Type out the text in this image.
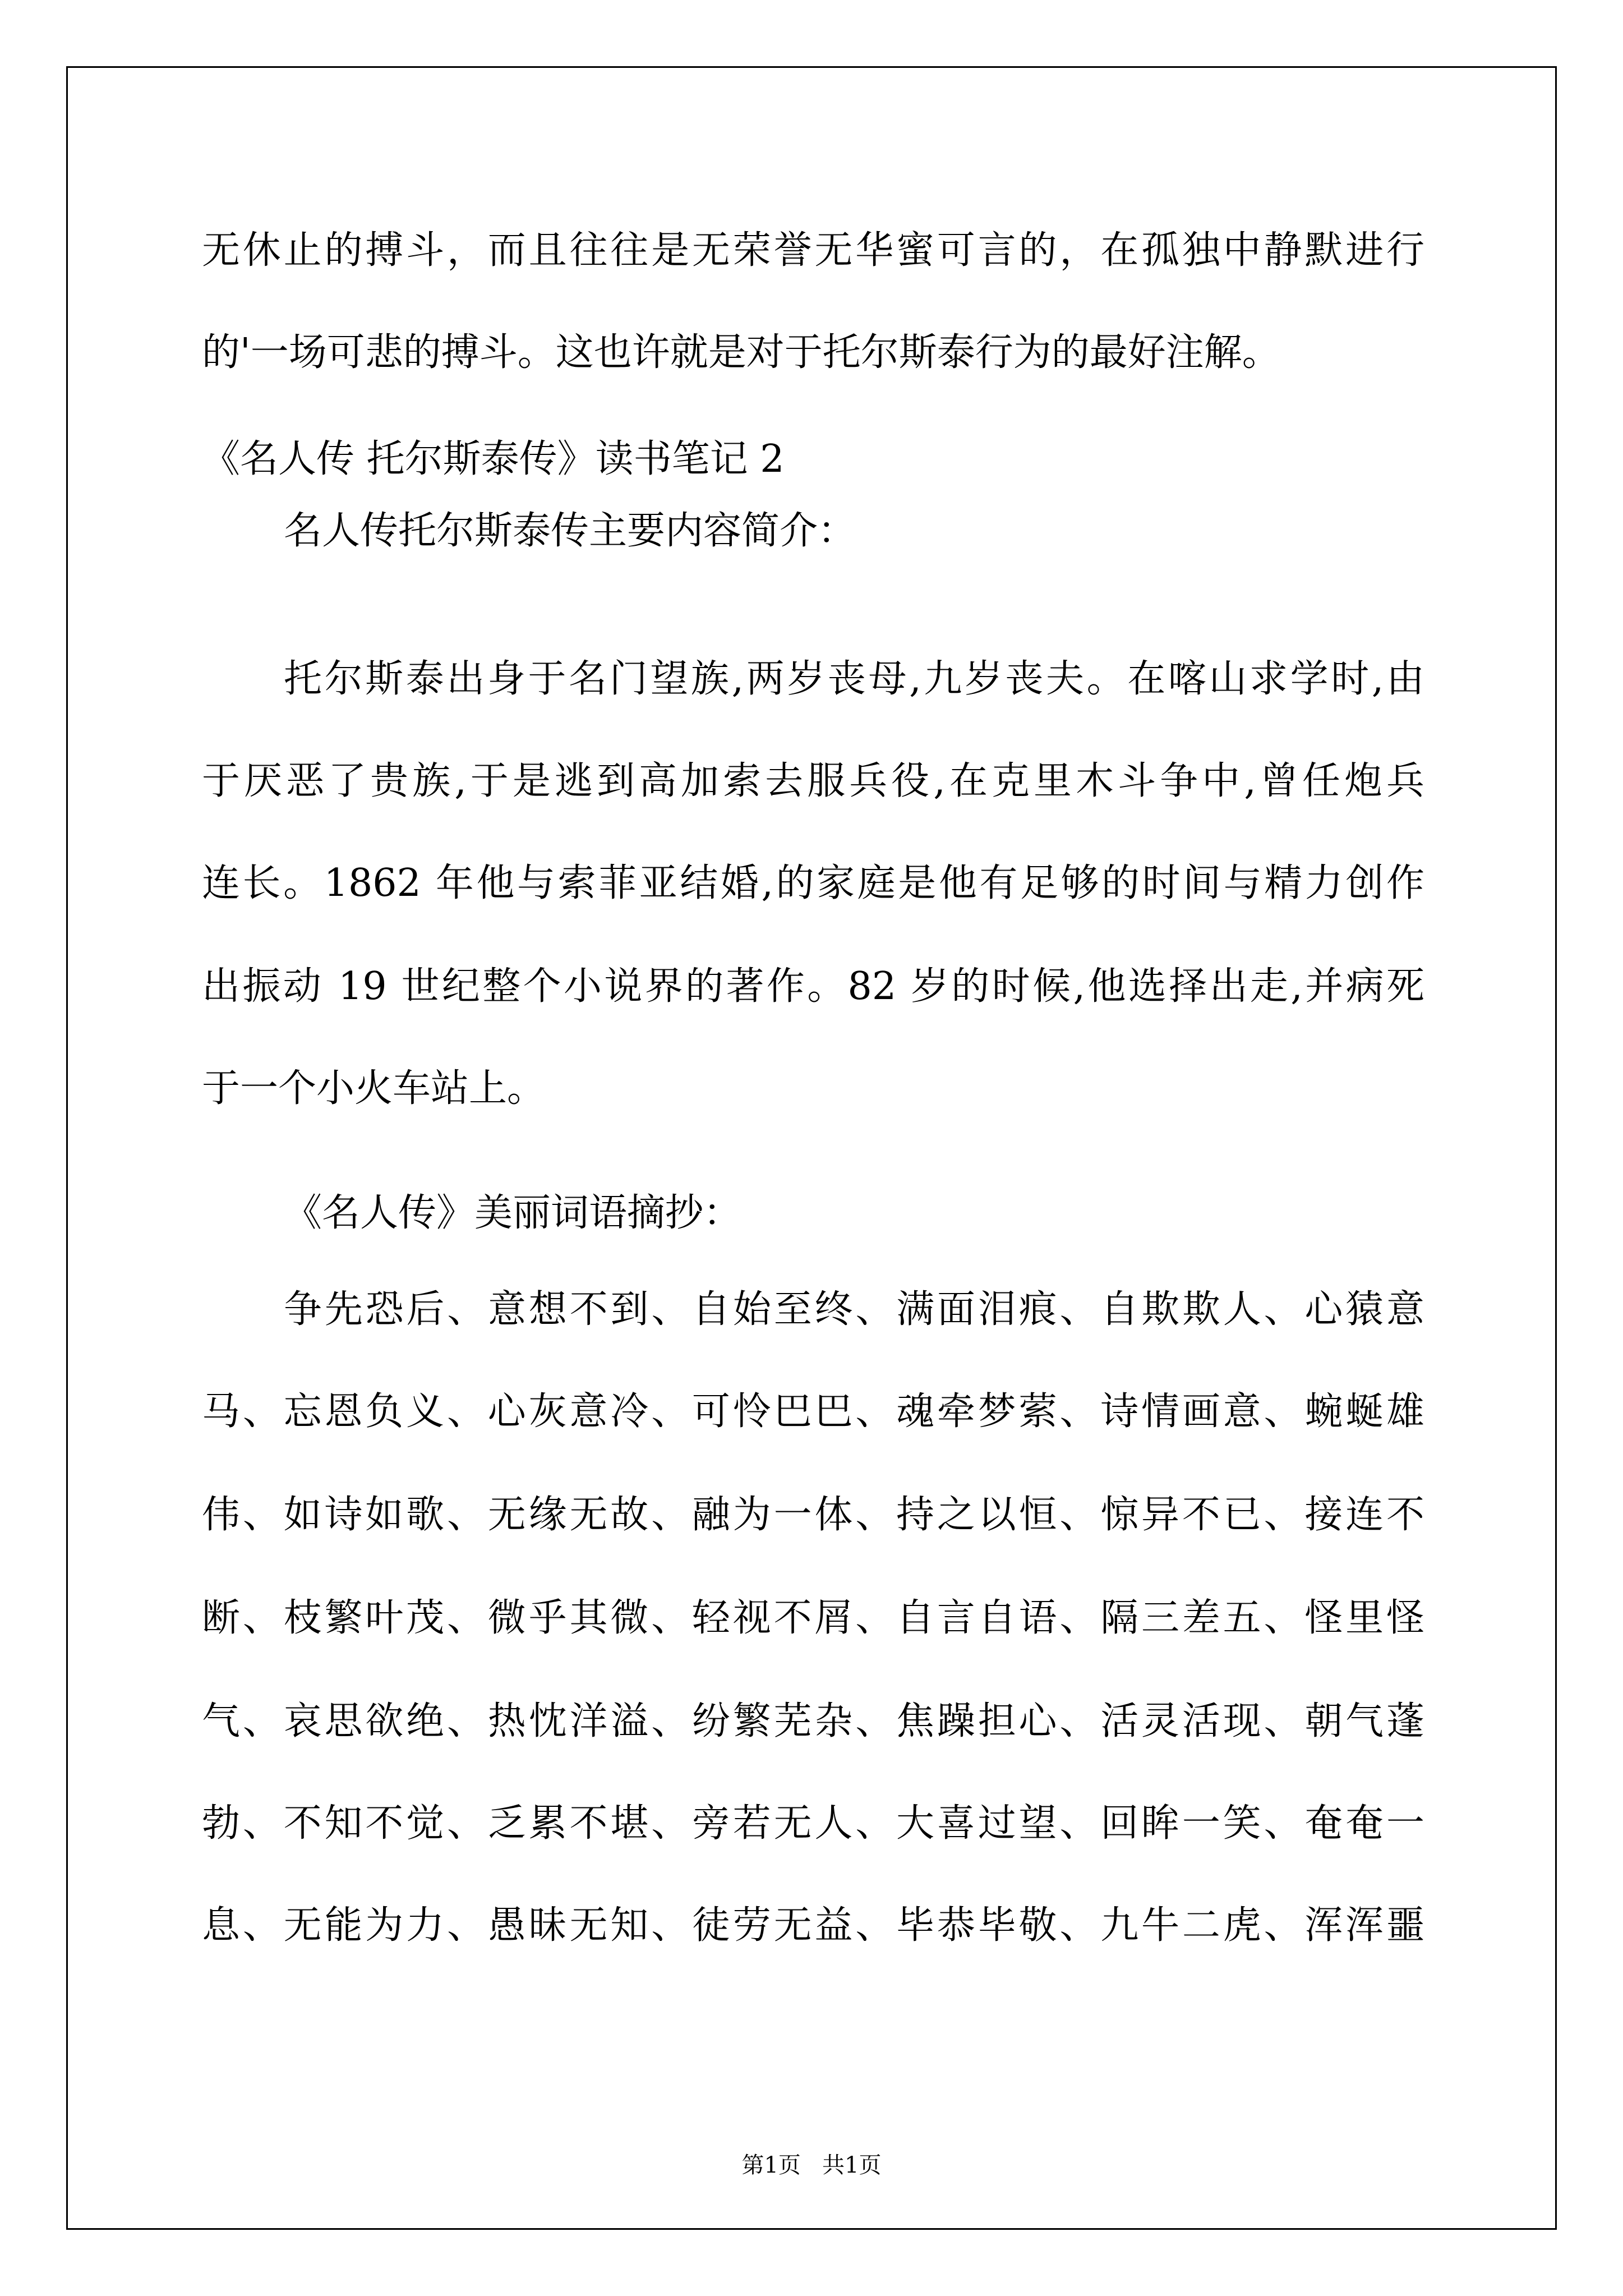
无休止的搏斗，而且往往是无荣誉无华蜜可言的，在孤独中静默进行

的'一场可悲的搏斗。这也许就是对于托尔斯泰行为的最好注解。

《名人传 托尔斯泰传》读书笔记 2

名人传托尔斯泰传主要内容简介：

托尔斯泰出身于名门望族,两岁丧母,九岁丧夫。在喀山求学时,由

于厌恶了贵族,于是逃到高加索去服兵役,在克里木斗争中,曾任炮兵

连长。1862 年他与索菲亚结婚,的家庭是他有足够的时间与精力创作

出振动 19 世纪整个小说界的著作。82 岁的时候,他选择出走,并病死

于一个小火车站上。

《名人传》美丽词语摘抄：

争先恐后、意想不到、自始至终、满面泪痕、自欺欺人、心猿意

马、忘恩负义、心灰意冷、可怜巴巴、魂牵梦萦、诗情画意、蜿蜒雄

伟、如诗如歌、无缘无故、融为一体、持之以恒、惊异不已、接连不

断、枝繁叶茂、微乎其微、轻视不屑、自言自语、隔三差五、怪里怪

气、哀思欲绝、热忱洋溢、纷繁芜杂、焦躁担心、活灵活现、朝气蓬

勃、不知不觉、乏累不堪、旁若无人、大喜过望、回眸一笑、奄奄一

息、无能为力、愚昧无知、徒劳无益、毕恭毕敬、九牛二虎、浑浑噩

第1页   共1页
